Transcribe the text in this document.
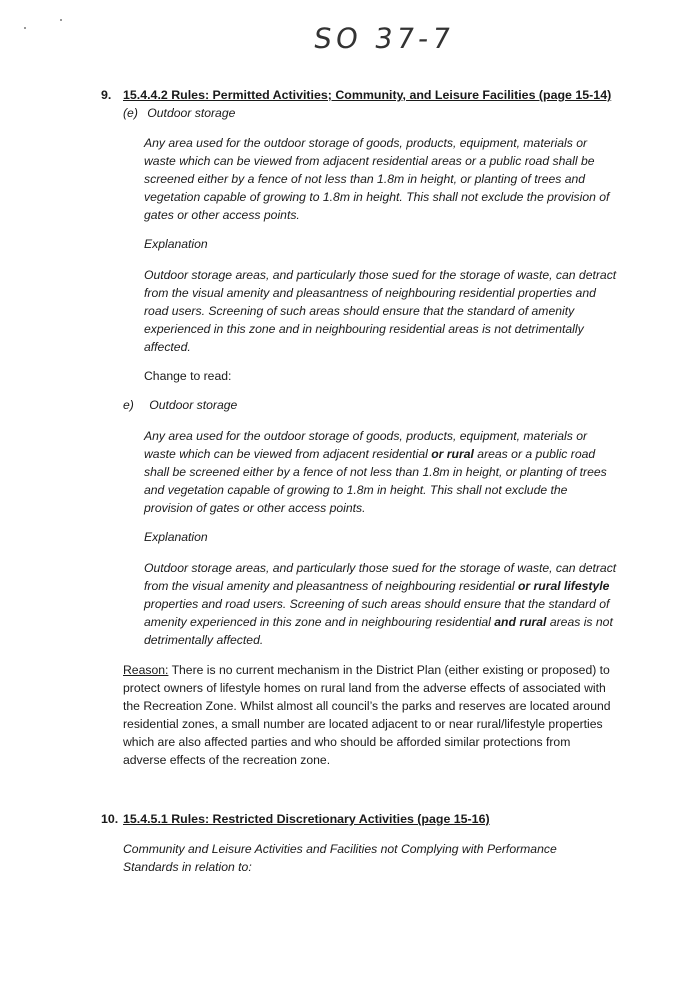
SO 37-7
9. 15.4.4.2 Rules: Permitted Activities; Community, and Leisure Facilities (page 15-14)
(e) Outdoor storage
Any area used for the outdoor storage of goods, products, equipment, materials or waste which can be viewed from adjacent residential areas or a public road shall be screened either by a fence of not less than 1.8m in height, or planting of trees and vegetation capable of growing to 1.8m in height. This shall not exclude the provision of gates or other access points.
Explanation
Outdoor storage areas, and particularly those sued for the storage of waste, can detract from the visual amenity and pleasantness of neighbouring residential properties and road users. Screening of such areas should ensure that the standard of amenity experienced in this zone and in neighbouring residential areas is not detrimentally affected.
Change to read:
e) Outdoor storage
Any area used for the outdoor storage of goods, products, equipment, materials or waste which can be viewed from adjacent residential or rural areas or a public road shall be screened either by a fence of not less than 1.8m in height, or planting of trees and vegetation capable of growing to 1.8m in height. This shall not exclude the provision of gates or other access points.
Explanation
Outdoor storage areas, and particularly those sued for the storage of waste, can detract from the visual amenity and pleasantness of neighbouring residential or rural lifestyle properties and road users. Screening of such areas should ensure that the standard of amenity experienced in this zone and in neighbouring residential and rural areas is not detrimentally affected.
Reason: There is no current mechanism in the District Plan (either existing or proposed) to protect owners of lifestyle homes on rural land from the adverse effects of associated with the Recreation Zone. Whilst almost all council’s the parks and reserves are located around residential zones, a small number are located adjacent to or near rural/lifestyle properties which are also affected parties and who should be afforded similar protections from adverse effects of the recreation zone.
10. 15.4.5.1 Rules: Restricted Discretionary Activities (page 15-16)
Community and Leisure Activities and Facilities not Complying with Performance Standards in relation to:
